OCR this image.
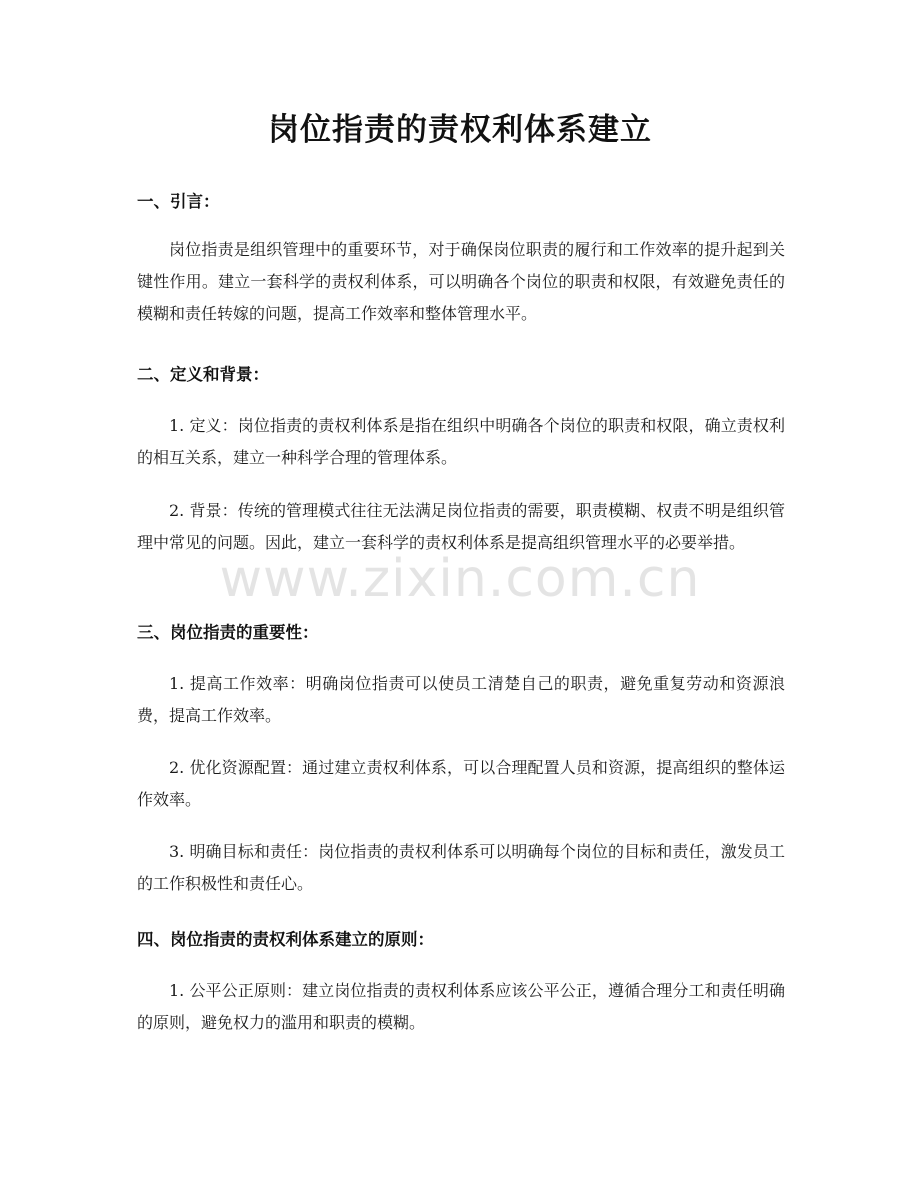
岗位指责的责权利体系建立
一、引言：
岗位指责是组织管理中的重要环节，对于确保岗位职责的履行和工作效率的提升起到关键性作用。建立一套科学的责权利体系，可以明确各个岗位的职责和权限，有效避免责任的模糊和责任转嫁的问题，提高工作效率和整体管理水平。
二、定义和背景：
1. 定义：岗位指责的责权利体系是指在组织中明确各个岗位的职责和权限，确立责权利的相互关系，建立一种科学合理的管理体系。
2. 背景：传统的管理模式往往无法满足岗位指责的需要，职责模糊、权责不明是组织管理中常见的问题。因此，建立一套科学的责权利体系是提高组织管理水平的必要举措。
三、岗位指责的重要性：
1. 提高工作效率：明确岗位指责可以使员工清楚自己的职责，避免重复劳动和资源浪费，提高工作效率。
2. 优化资源配置：通过建立责权利体系，可以合理配置人员和资源，提高组织的整体运作效率。
3. 明确目标和责任：岗位指责的责权利体系可以明确每个岗位的目标和责任，激发员工的工作积极性和责任心。
四、岗位指责的责权利体系建立的原则：
1. 公平公正原则：建立岗位指责的责权利体系应该公平公正，遵循合理分工和责任明确的原则，避免权力的滥用和职责的模糊。
www.zixin.com.cn
